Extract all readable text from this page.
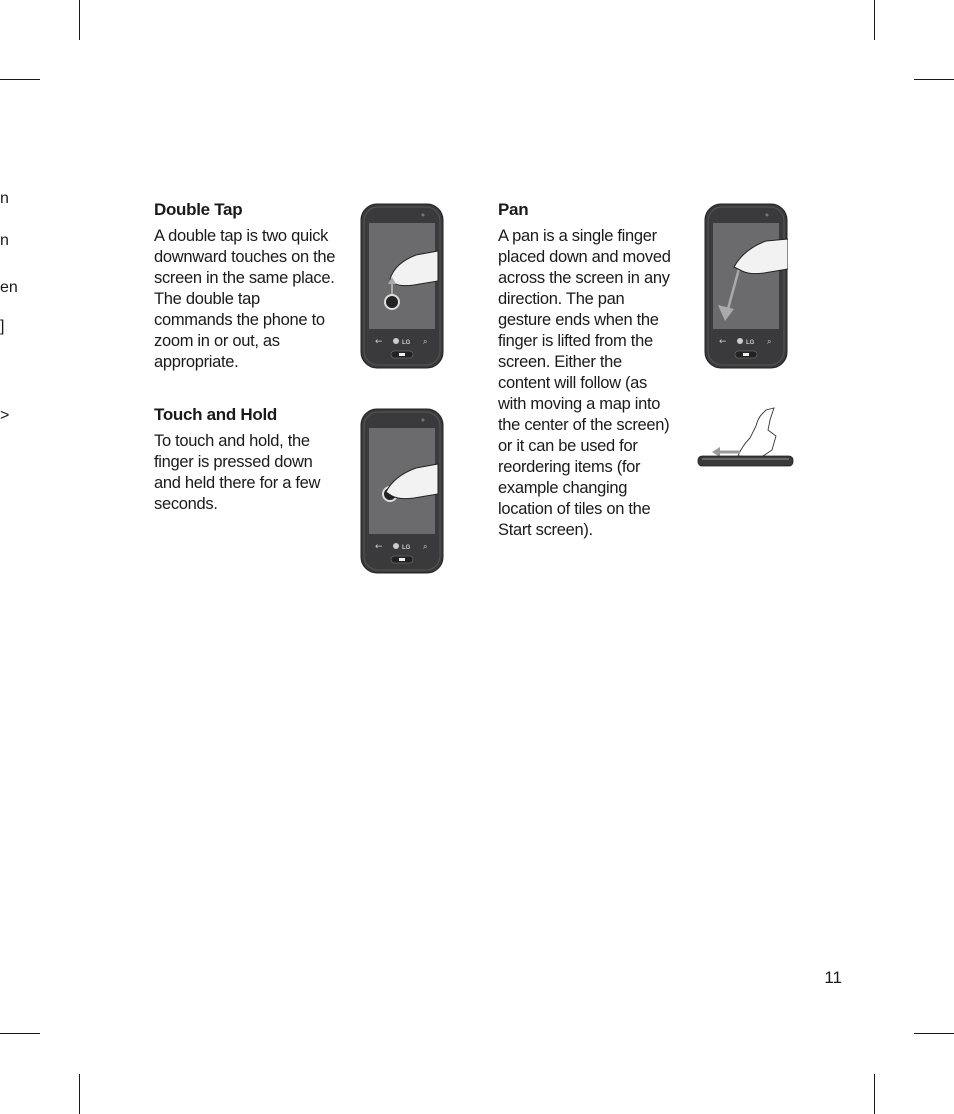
n
n
en
]
>
Double Tap

A double tap is two quick downward touches on the screen in the same place. The double tap commands the phone to zoom in or out, as appropriate.

Touch and Hold

To touch and hold, the finger is pressed down and held there for a few seconds.

Pan

A pan is a single finger placed down and moved across the screen in any direction. The pan gesture ends when the finger is lifted from the screen. Either the content will follow (as with moving a map into the center of the screen) or it can be used for reordering items (for example changing location of tiles on the Start screen).

←	LG ⌕
←	LG ⌕
←	LG ⌕
11
